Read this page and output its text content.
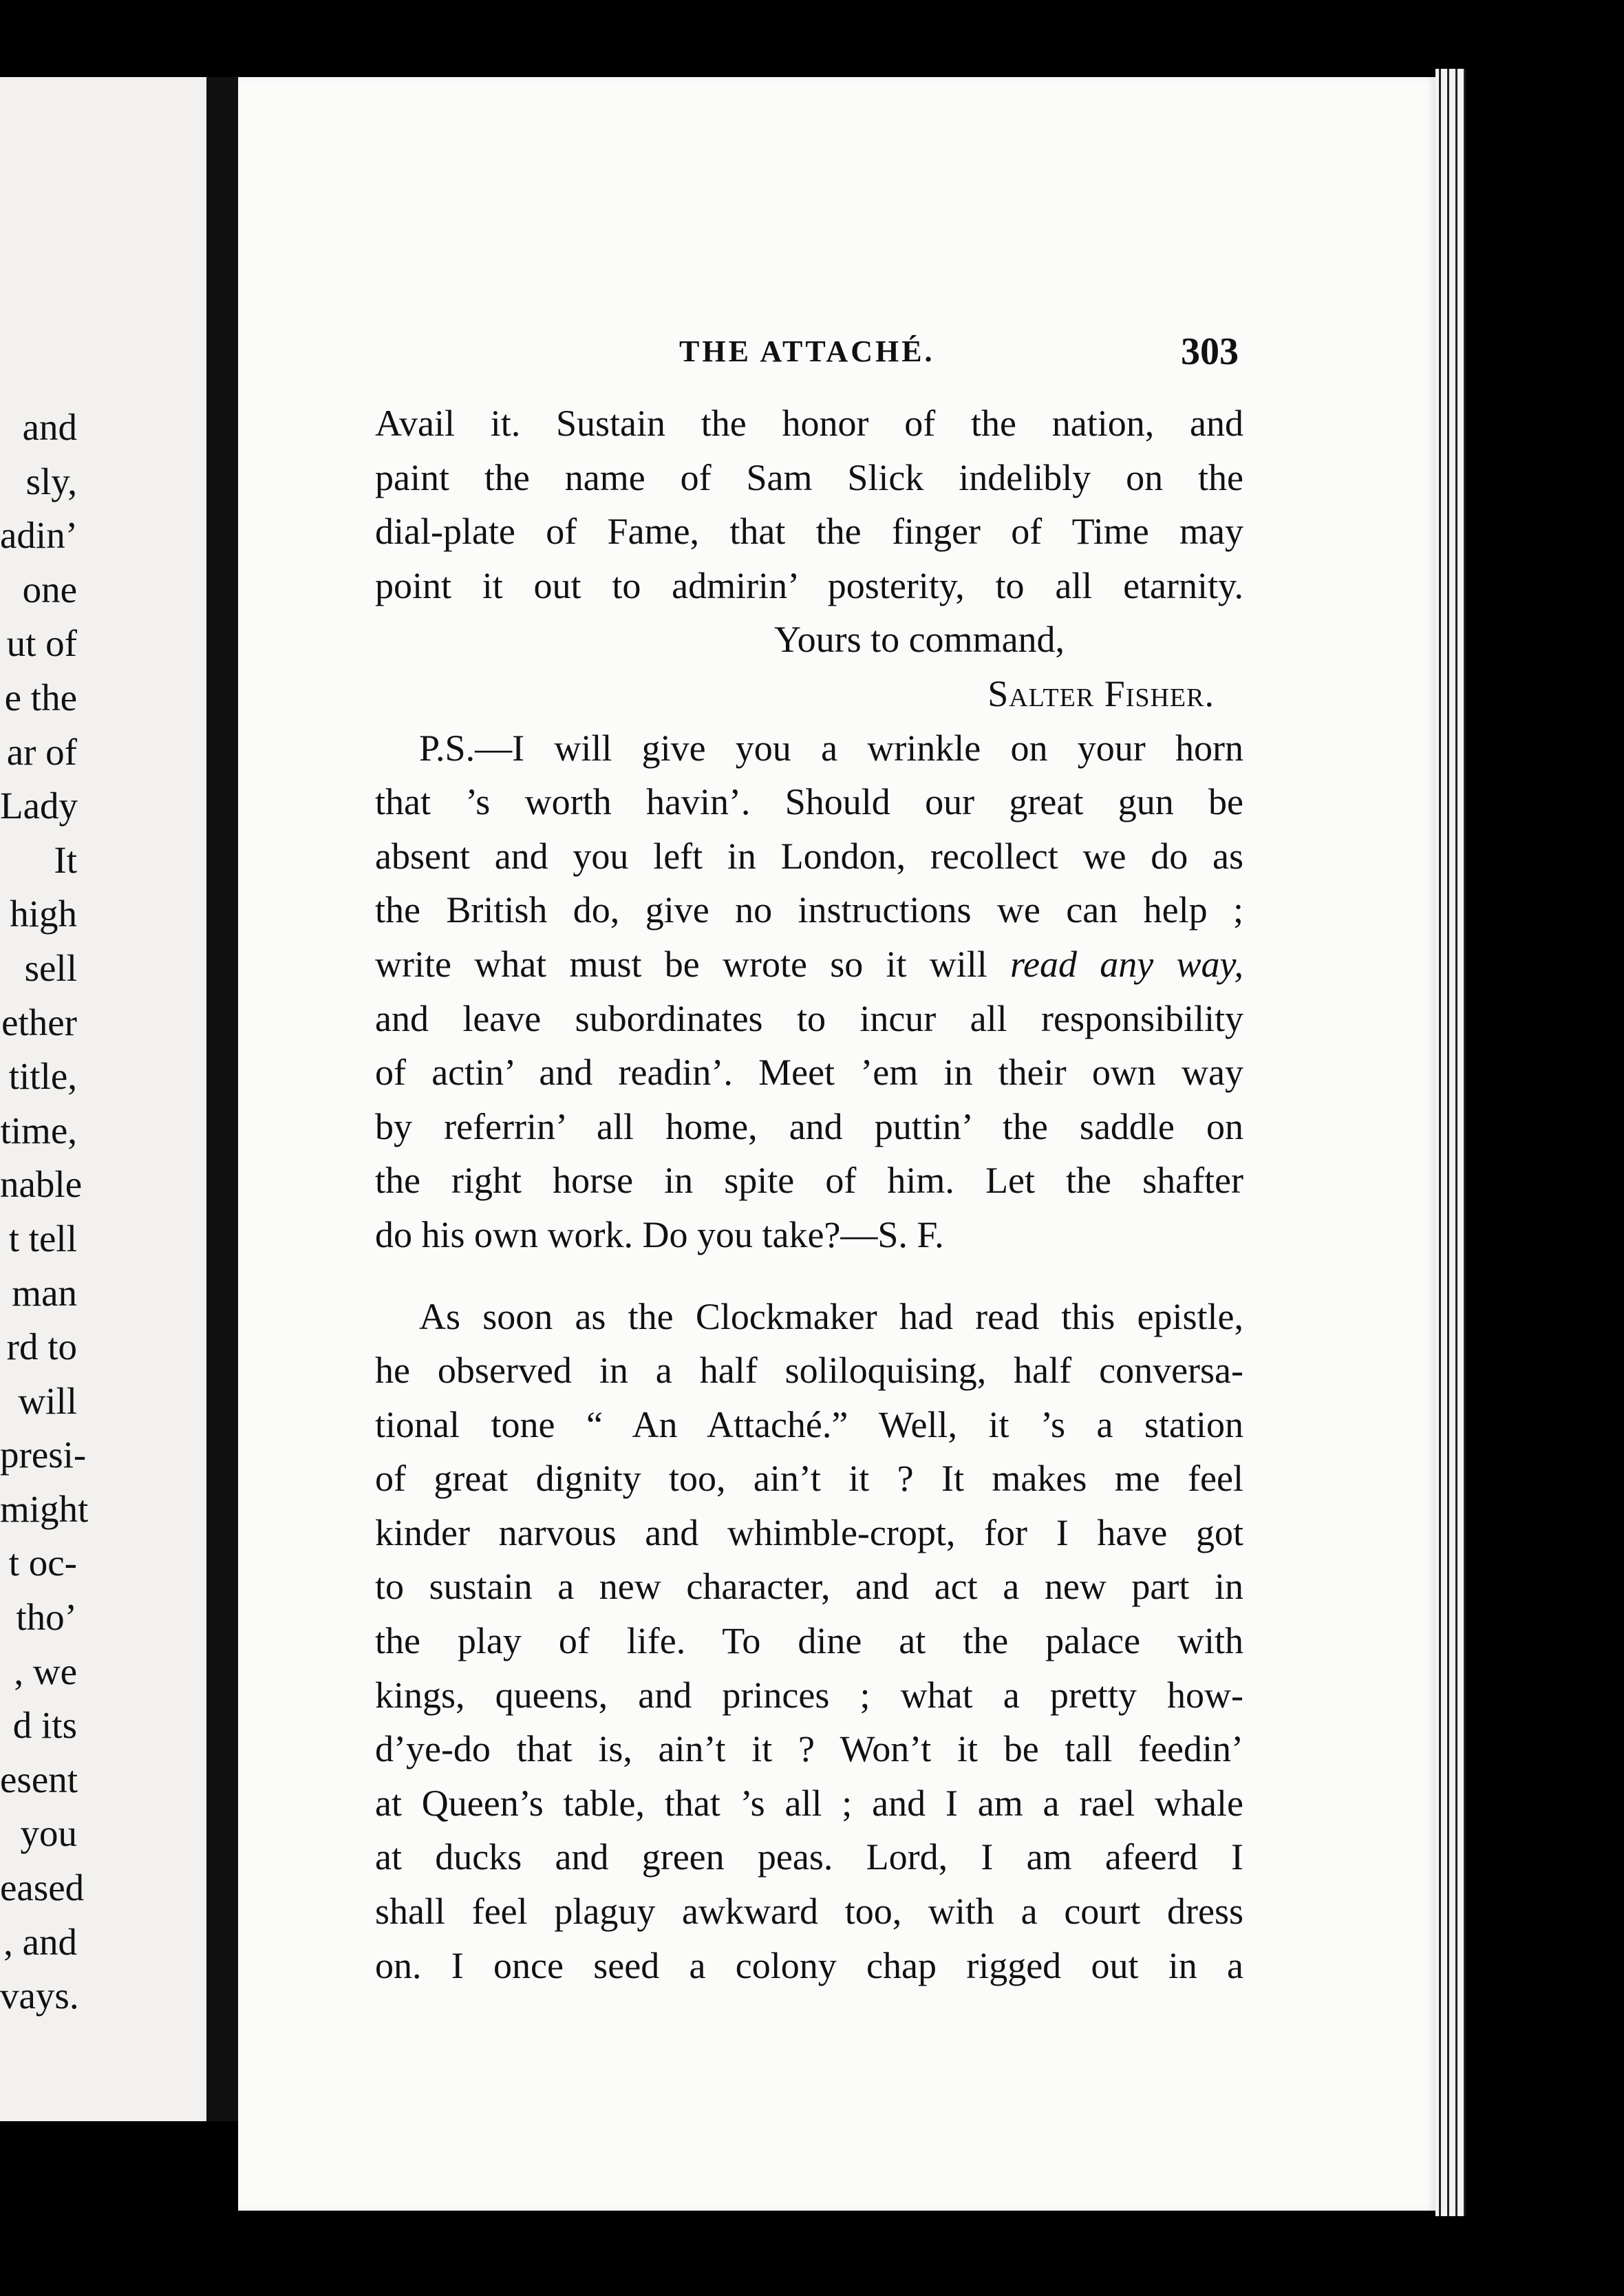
and
sly,
adin’
one
ut of
e the
ar of
Lady
It
high
sell
ether
title,
time,
nable
t tell
man
rd to
will
presi-
might
t oc-
tho’
, we
d its
esent
you
eased
, and
vays.
THE ATTACHÉ.	303
Avail it. Sustain the honor of the nation, and
paint the name of Sam Slick indelibly on the
dial-plate of Fame, that the finger of Time may
point it out to admirin’ posterity, to all etarnity.
Yours to command,
Salter Fisher.
P.S.—I will give you a wrinkle on your horn
that ’s worth havin’. Should our great gun be
absent and you left in London, recollect we do as
the British do, give no instructions we can help ;
write what must be wrote so it will read any way,
and leave subordinates to incur all responsibility
of actin’ and readin’. Meet ’em in their own way
by referrin’ all home, and puttin’ the saddle on
the right horse in spite of him. Let the shafter
do his own work. Do you take?—S. F.
As soon as the Clockmaker had read this epistle,
he observed in a half soliloquising, half conversa-
tional tone “ An Attaché.” Well, it ’s a station
of great dignity too, ain’t it ? It makes me feel
kinder narvous and whimble-cropt, for I have got
to sustain a new character, and act a new part in
the play of life. To dine at the palace with
kings, queens, and princes ; what a pretty how-
d’ye-do that is, ain’t it ? Won’t it be tall feedin’
at Queen’s table, that ’s all ; and I am a rael whale
at ducks and green peas. Lord, I am afeerd I
shall feel plaguy awkward too, with a court dress
on. I once seed a colony chap rigged out in a
